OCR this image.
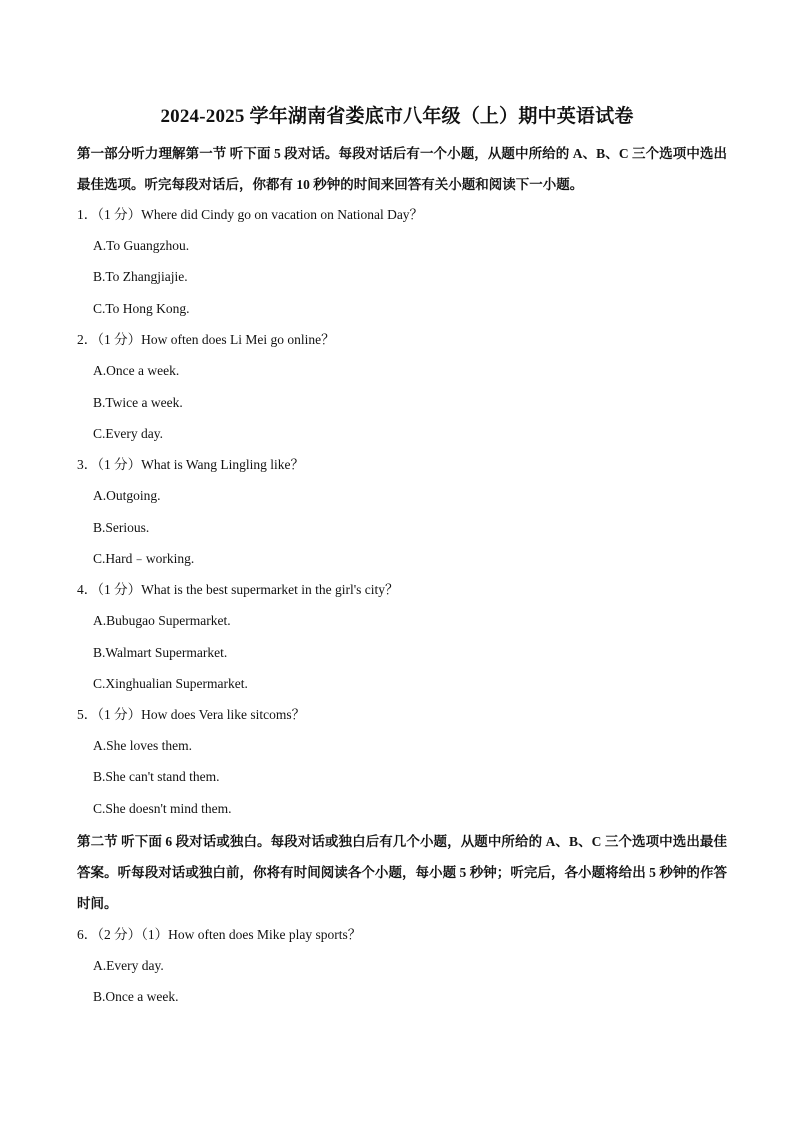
2024-2025 学年湖南省娄底市八年级（上）期中英语试卷
第一部分听力理解第一节 听下面 5 段对话。每段对话后有一个小题，从题中所给的 A、B、C 三个选项中选出最佳选项。听完每段对话后，你都有 10 秒钟的时间来回答有关小题和阅读下一小题。
1．（1 分）Where did Cindy go on vacation on National Day？
A.To Guangzhou.
B.To Zhangjiajie.
C.To Hong Kong.
2．（1 分）How often does Li Mei go online？
A.Once a week.
B.Twice a week.
C.Every day.
3．（1 分）What is Wang Lingling like？
A.Outgoing.
B.Serious.
C.Hard﹣working.
4．（1 分）What is the best supermarket in the girl's city？
A.Bubugao Supermarket.
B.Walmart Supermarket.
C.Xinghualian Supermarket.
5．（1 分）How does Vera like sitcoms？
A.She loves them.
B.She can't stand them.
C.She doesn't mind them.
第二节 听下面 6 段对话或独白。每段对话或独白后有几个小题，从题中所给的 A、B、C 三个选项中选出最佳答案。听每段对话或独白前，你将有时间阅读各个小题，每小题 5 秒钟；听完后，各小题将给出 5 秒钟的作答时间。
6．（2 分）（1）How often does Mike play sports？
A.Every day.
B.Once a week.
